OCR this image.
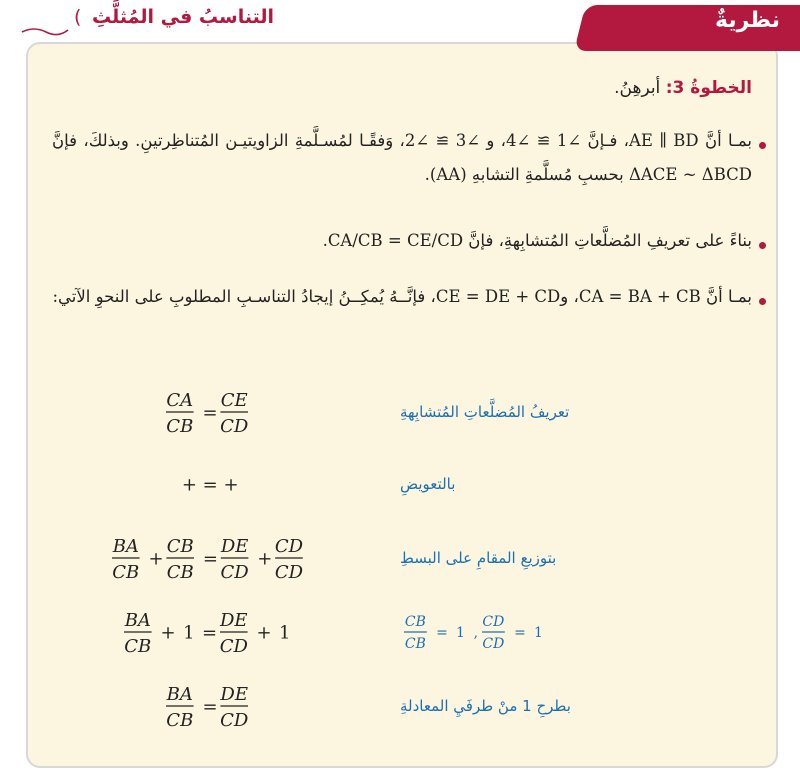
التناسبُ في المُثلَّثِ
(	نظريةٌ
الخطوةُ 3: أبرهِنُ.
بمـا أنَّ AE ∥ BD، فـإنَّ ∠1 ≅ ∠4، و ∠3 ≅ ∠2، وَفقًـا لمُسـلَّمةِ الزاويتيـن المُتناظِرتينِ. وبذلكَ، فإنَّ ΔACE ~ ΔBCD بحسبِ مُسلَّمةِ التشابهِ (AA).
بناءً على تعريفِ المُضلَّعاتِ المُتشابِهةِ، فإنَّ CA/CB = CE/CD.
بمـا أنَّ CA = BA + CB، وCE = DE + CD، فإنَّــهُ يُمكِــنُ إيجادُ التناسـبِ المطلوبِ على النحوِ الآتي:
CA
CB
=
CE
CD
تعريفُ المُضلَّعاتِ المُتشابِهةِ
+ = +	بالتعويضِ
BA
CB
+
CB
CB
=
DE
CD
+
CD
CD
بتوزيعِ المقامِ على البسطِ
BA
CB
+ 1 =
DE
CD
+ 1
CB
CB
= 1 ,
CD
CD
= 1
BA
CB
=
DE
CD
بطرحِ 1 منْ طرفَيِ المعادلةِ
